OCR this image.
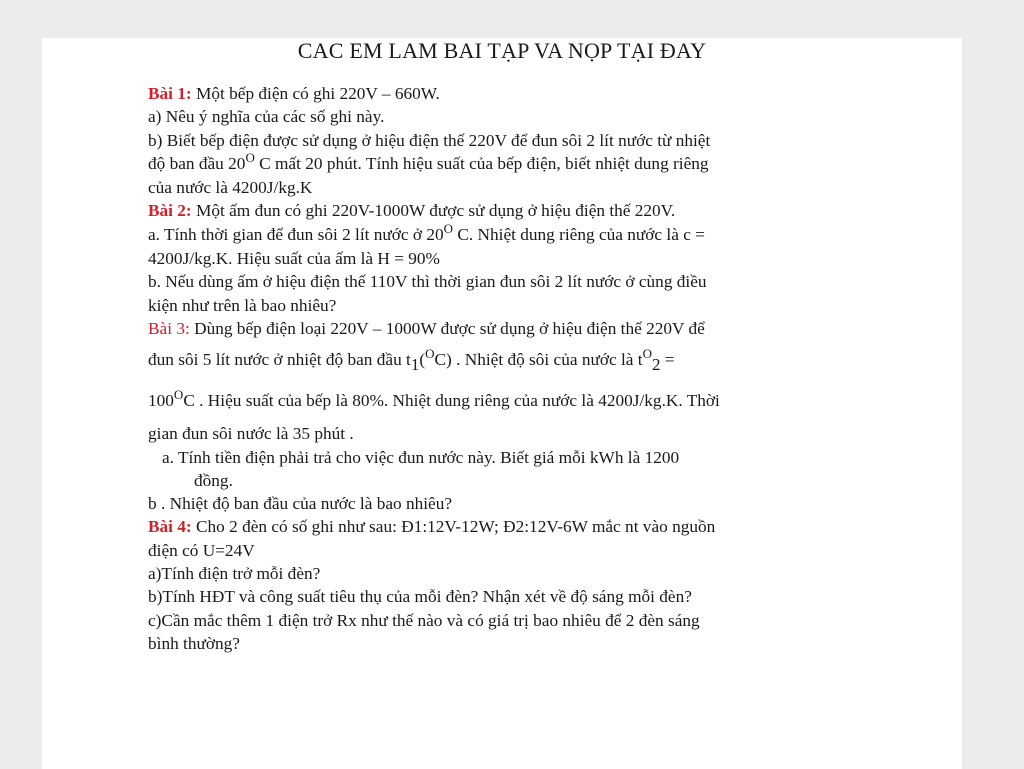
CAC EM LAM BAI TẠP VA NỌP TẠI ĐAY
Bài 1: Một bếp điện có ghi 220V – 660W.
a) Nêu ý nghĩa của các số ghi này.
b) Biết bếp điện được sử dụng ở hiệu điện thế 220V để đun sôi 2 lít nước từ nhiệt
độ ban đầu $20^O$ C mất 20 phút. Tính hiệu suất của bếp điện, biết nhiệt dung riêng
của nước là 4200J/kg.K
Bài 2: Một ấm đun có ghi 220V-1000W được sử dụng ở hiệu điện thế 220V.
a. Tính thời gian để đun sôi 2 lít nước ở $20^O$ C. Nhiệt dung riêng của nước là c =
4200J/kg.K. Hiệu suất của ấm là H = 90%
b. Nếu dùng ấm ở hiệu điện thế 110V thì thời gian đun sôi 2 lít nước ở cùng điều
kiện như trên là bao nhiêu?
Bài 3: Dùng bếp điện loại 220V – 1000W được sử dụng ở hiệu điện thế 220V để
đun sôi 5 lít nước ở nhiệt độ ban đầu t1($^O$C) . Nhiệt độ sôi của nước là $t^O2$ =
$100^OC$ . Hiệu suất của bếp là 80%. Nhiệt dung riêng của nước là 4200J/kg.K. Thời
gian đun sôi nước là 35 phút .
a. Tính tiền điện phải trả cho việc đun nước này. Biết giá mỗi kWh là 1200
đồng.
b . Nhiệt độ ban đầu của nước là bao nhiêu?
Bài 4: Cho 2 đèn có số ghi như sau: Đ1:12V-12W; Đ2:12V-6W mắc nt vào nguồn
điện có U=24V
a)Tính điện trở mỗi đèn?
b)Tính HĐT và công suất tiêu thụ của mỗi đèn? Nhận xét về độ sáng mỗi đèn?
c)Cần mắc thêm 1 điện trở Rx như thế nào và có giá trị bao nhiêu để 2 đèn sáng
bình thường?
